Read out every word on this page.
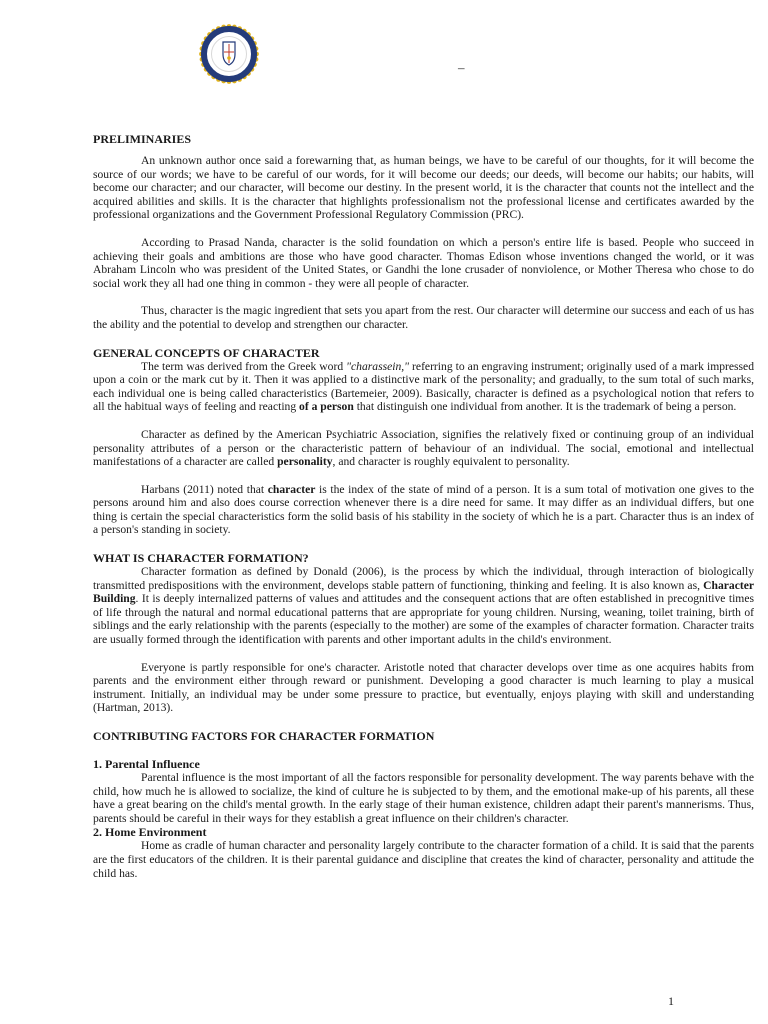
–

PRELIMINARIES

An unknown author once said a forewarning that, as human beings, we have to be careful of our thoughts, for it will become the source of our words; we have to be careful of our words, for it will become our deeds; our deeds, will become our habits; our habits, will become our character; and our character, will become our destiny. In the present world, it is the character that counts not the intellect and the acquired abilities and skills. It is the character that highlights professionalism not the professional license and certificates awarded by the professional organizations and the Government Professional Regulatory Commission (PRC).

According to Prasad Nanda, character is the solid foundation on which a person's entire life is based. People who succeed in achieving their goals and ambitions are those who have good character. Thomas Edison whose inventions changed the world, or it was Abraham Lincoln who was president of the United States, or Gandhi the lone crusader of nonviolence, or Mother Theresa who chose to do social work they all had one thing in common - they were all people of character.

Thus, character is the magic ingredient that sets you apart from the rest. Our character will determine our success and each of us has the ability and the potential to develop and strengthen our character.

GENERAL CONCEPTS OF CHARACTER

The term was derived from the Greek word "charassein," referring to an engraving instrument; originally used of a mark impressed upon a coin or the mark cut by it. Then it was applied to a distinctive mark of the personality; and gradually, to the sum total of such marks, each individual one is being called characteristics (Bartemeier, 2009). Basically, character is defined as a psychological notion that refers to all the habitual ways of feeling and reacting of a person that distinguish one individual from another. It is the trademark of being a person.

Character as defined by the American Psychiatric Association, signifies the relatively fixed or continuing group of an individual personality attributes of a person or the characteristic pattern of behaviour of an individual. The social, emotional and intellectual manifestations of a character are called personality, and character is roughly equivalent to personality.

Harbans (2011) noted that character is the index of the state of mind of a person. It is a sum total of motivation one gives to the persons around him and also does course correction whenever there is a dire need for same. It may differ as an individual differs, but one thing is certain the special characteristics form the solid basis of his stability in the society of which he is a part. Character thus is an index of a person's standing in society.

WHAT IS CHARACTER FORMATION?

Character formation as defined by Donald (2006), is the process by which the individual, through interaction of biologically transmitted predispositions with the environment, develops stable pattern of functioning, thinking and feeling. It is also known as, Character Building. It is deeply internalized patterns of values and attitudes and the consequent actions that are often established in precognitive times of life through the natural and normal educational patterns that are appropriate for young children. Nursing, weaning, toilet training, birth of siblings and the early relationship with the parents (especially to the mother) are some of the examples of character formation. Character traits are usually formed through the identification with parents and other important adults in the child's environment.

Everyone is partly responsible for one's character. Aristotle noted that character develops over time as one acquires habits from parents and the environment either through reward or punishment. Developing a good character is much learning to play a musical instrument. Initially, an individual may be under some pressure to practice, but eventually, enjoys playing with skill and understanding (Hartman, 2013).

CONTRIBUTING FACTORS FOR CHARACTER FORMATION

1. Parental Influence

Parental influence is the most important of all the factors responsible for personality development. The way parents behave with the child, how much he is allowed to socialize, the kind of culture he is subjected to by them, and the emotional make-up of his parents, all these have a great bearing on the child's mental growth. In the early stage of their human existence, children adapt their parent's mannerisms. Thus, parents should be careful in their ways for they establish a great influence on their children's character.

2. Home Environment

Home as cradle of human character and personality largely contribute to the character formation of a child. It is said that the parents are the first educators of the children. It is their parental guidance and discipline that creates the kind of character, personality and attitude the child has.

1
